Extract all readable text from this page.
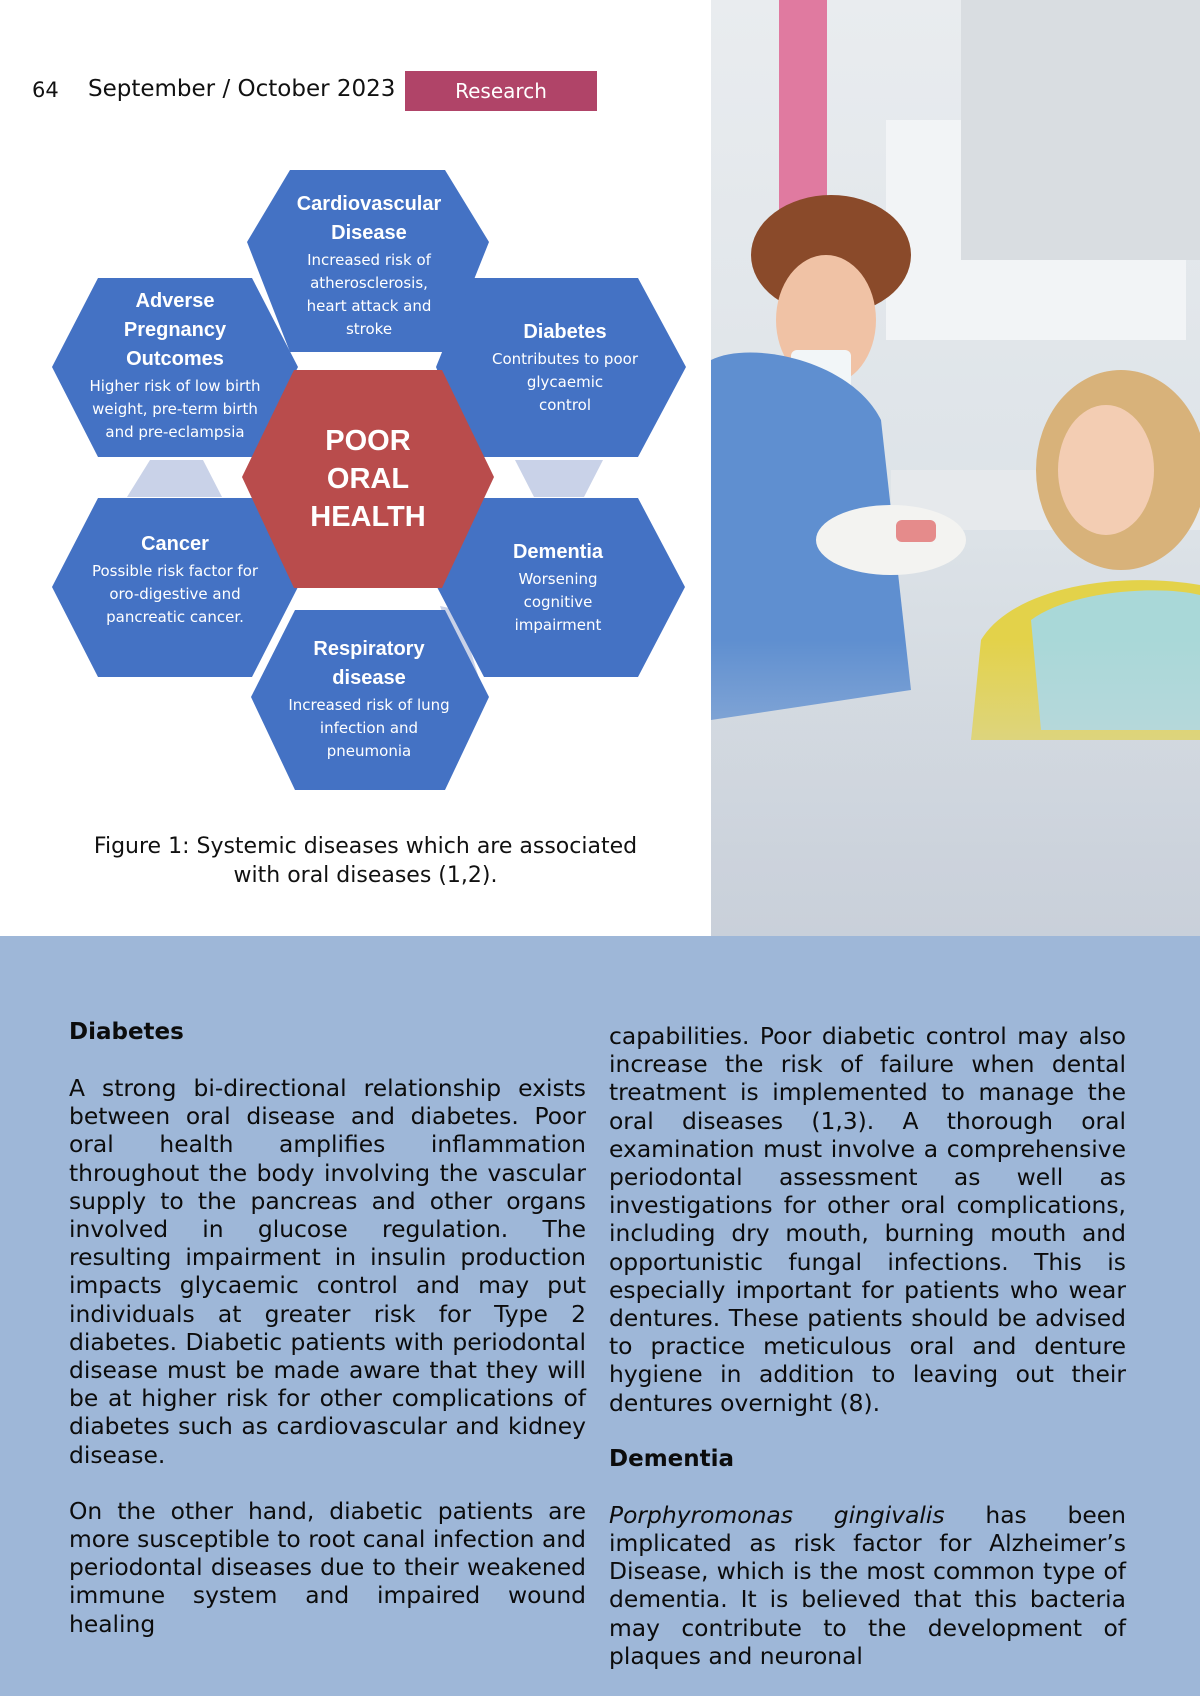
64 September / October 2023	Research
Cardiovascular
Disease
Increased risk of
atherosclerosis,
heart attack and
stroke	Diabetes
Contributes to poor
glycaemic
control
Dementia
Worsening
cognitive
impairment
Respiratory
disease
Increased risk of lung
infection and
pneumonia
Cancer
Possible risk factor for
oro-digestive and
pancreatic cancer.
Adverse
Pregnancy
Outcomes
Higher risk of low birth
weight, pre-term birth
and pre-eclampsia	POOR
ORAL
HEALTH
Figure 1: Systemic diseases which are associated with oral diseases (1,2).
Diabetes

A strong bi-directional relationship exists between oral disease and diabetes. Poor oral health amplifies inflammation throughout the body involving the vascular supply to the pancreas and other organs involved in glucose regulation. The resulting impairment in insulin production impacts glycaemic control and may put individuals at greater risk for Type 2 diabetes. Diabetic patients with periodontal disease must be made aware that they will be at higher risk for other complications of diabetes such as cardiovascular and kidney disease.

On the other hand, diabetic patients are more susceptible to root canal infection and periodontal diseases due to their weakened immune system and impaired wound healing

capabilities. Poor diabetic control may also increase the risk of failure when dental treatment is implemented to manage the oral diseases (1,3). A thorough oral examination must involve a comprehensive periodontal assessment as well as investigations for other oral complications, including dry mouth, burning mouth and opportunistic fungal infections. This is especially important for patients who wear dentures. These patients should be advised to practice meticulous oral and denture hygiene in addition to leaving out their dentures overnight (8).

Dementia

Porphyromonas gingivalis has been implicated as risk factor for Alzheimer’s Disease, which is the most common type of dementia. It is believed that this bacteria may contribute to the development of plaques and neuronal
